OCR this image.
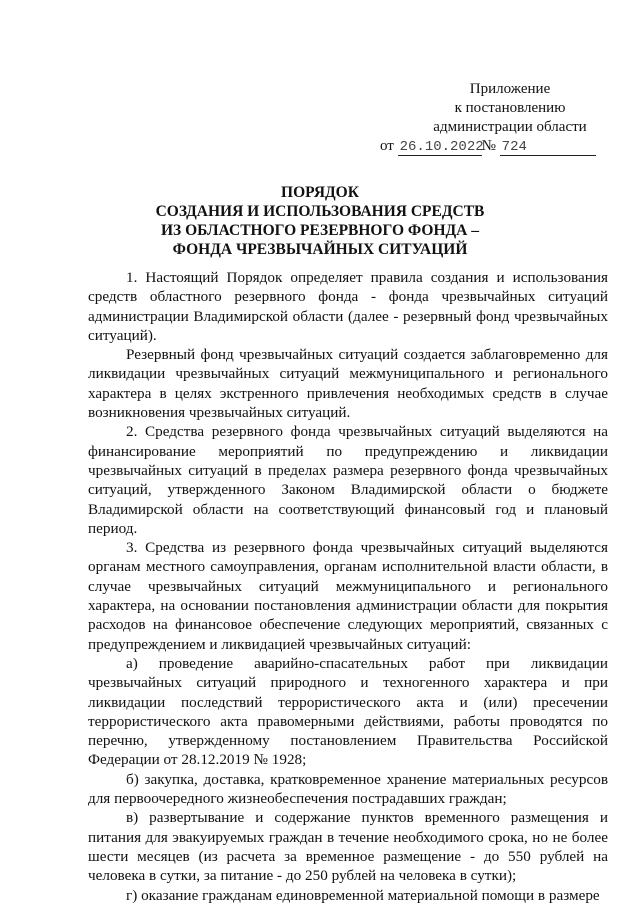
Приложение
к постановлению
администрации области
от 26.10.2022№ 724
ПОРЯДОК
СОЗДАНИЯ И ИСПОЛЬЗОВАНИЯ СРЕДСТВ
ИЗ ОБЛАСТНОГО РЕЗЕРВНОГО ФОНДА –
ФОНДА ЧРЕЗВЫЧАЙНЫХ СИТУАЦИЙ

1. Настоящий Порядок определяет правила создания и использования средств областного резервного фонда - фонда чрезвычайных ситуаций администрации Владимирской области (далее - резервный фонд чрезвычайных ситуаций).

Резервный фонд чрезвычайных ситуаций создается заблаговременно для ликвидации чрезвычайных ситуаций межмуниципального и регионального характера в целях экстренного привлечения необходимых средств в случае возникновения чрезвычайных ситуаций.

2. Средства резервного фонда чрезвычайных ситуаций выделяются на финансирование мероприятий по предупреждению и ликвидации чрезвычайных ситуаций в пределах размера резервного фонда чрезвычайных ситуаций, утвержденного Законом Владимирской области о бюджете Владимирской области на соответствующий финансовый год и плановый период.

3. Средства из резервного фонда чрезвычайных ситуаций выделяются органам местного самоуправления, органам исполнительной власти области, в случае чрезвычайных ситуаций межмуниципального и регионального характера, на основании постановления администрации области для покрытия расходов на финансовое обеспечение следующих мероприятий, связанных с предупреждением и ликвидацией чрезвычайных ситуаций:

а) проведение аварийно-спасательных работ при ликвидации чрезвычайных ситуаций природного и техногенного характера и при ликвидации последствий террористического акта и (или) пресечении террористического акта правомерными действиями, работы проводятся по перечню, утвержденному постановлением Правительства Российской Федерации от 28.12.2019 № 1928;

б) закупка, доставка, кратковременное хранение материальных ресурсов для первоочередного жизнеобеспечения пострадавших граждан;

в) развертывание и содержание пунктов временного размещения и питания для эвакуируемых граждан в течение необходимого срока, но не более шести месяцев (из расчета за временное размещение - до 550 рублей на человека в сутки, за питание - до 250 рублей на человека в сутки);

г) оказание гражданам единовременной материальной помощи в размере
